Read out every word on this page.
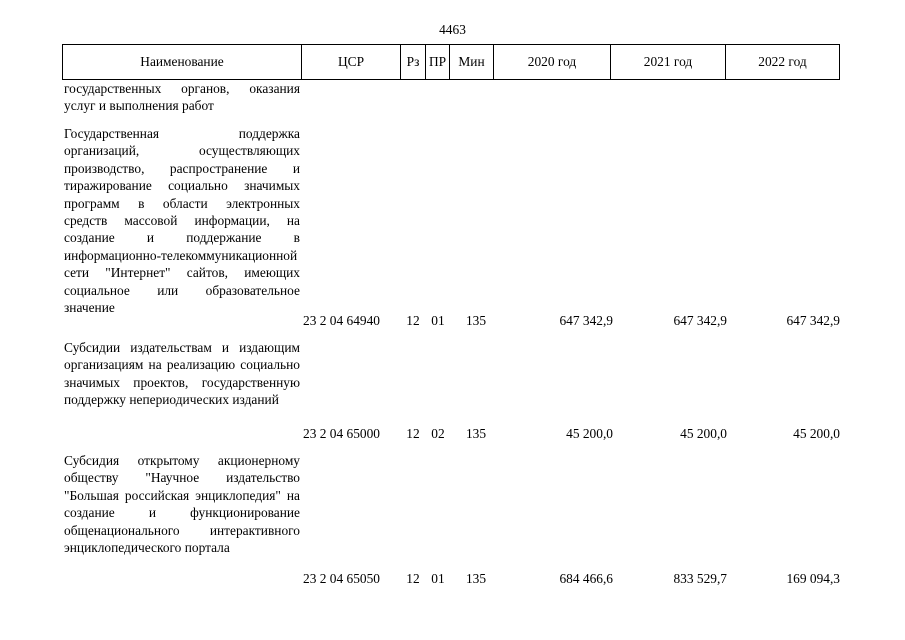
4463
Наименование	ЦСР	Рз ПР Мин	2020 год	2021 год	2022 год
государственных органов, оказания услуг и выполнения работ
Государственная поддержка организаций, осуществляющих производство, распространение и тиражирование социально значимых программ в области электронных средств массовой информации, на создание и поддержание в информационно-телекоммуникационной сети "Интернет" сайтов, имеющих социальное или образовательное значение
23 2 04 64940	12 01	135	647 342,9	647 342,9	647 342,9
Субсидии издательствам и издающим организациям на реализацию социально значимых проектов, государственную поддержку непериодических изданий
23 2 04 65000	12 02	135	45 200,0	45 200,0	45 200,0
Субсидия открытому акционерному обществу "Научное издательство "Большая российская энциклопедия" на создание и функционирование общенационального интерактивного энциклопедического портала
23 2 04 65050	12 01	135	684 466,6	833 529,7	169 094,3
